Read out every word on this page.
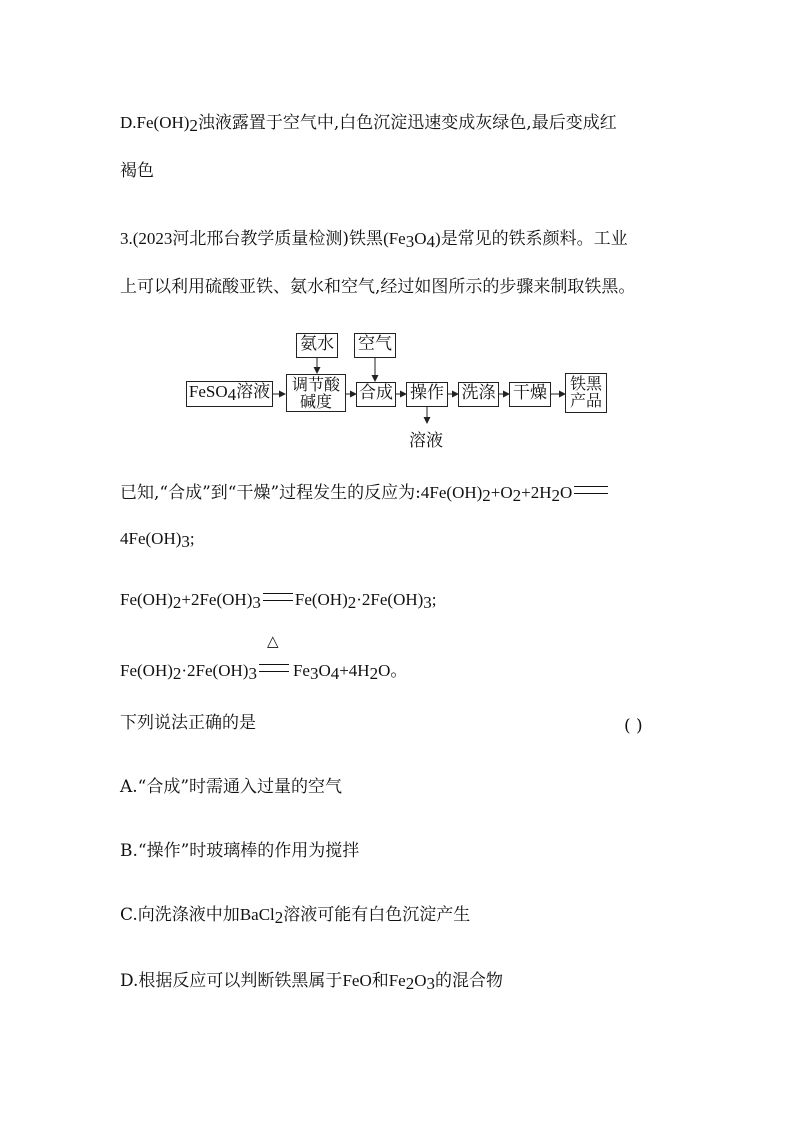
$D.Fe(OH)_2$浊液露置于空气中,白色沉淀迅速变成灰绿色,最后变成红
褐色
3.(2023河北邢台教学质量检测)铁黑$(Fe_3O_4)$是常见的铁系颜料。工业
上可以利用硫酸亚铁、氨水和空气,经过如图所示的步骤来制取铁黑。
FeSO$_4$溶液
氨水 空气
调节酸
碱度	合成 操作 洗涤 干燥 铁黑
产品
溶液
已知,“合成”到“干燥”过程发生的反应为$:4Fe(OH)_2+O_2+2H_2O$
$4Fe(OH)_3$;
$Fe(OH)_2+2Fe(OH)_3$ $Fe(OH)_2\cdot 2Fe(OH)_3$;
$Fe(OH)_2\cdot 2Fe(OH)_3$
△
$Fe_3O_4+4H_2O$。
下列说法正确的是	( )
A.“合成”时需通入过量的空气
B.“操作”时玻璃棒的作用为搅拌
C.向洗涤液中加BaCl$_2$溶液可能有白色沉淀产生
D.根据反应可以判断铁黑属于FeO和$Fe_2O_3$的混合物
